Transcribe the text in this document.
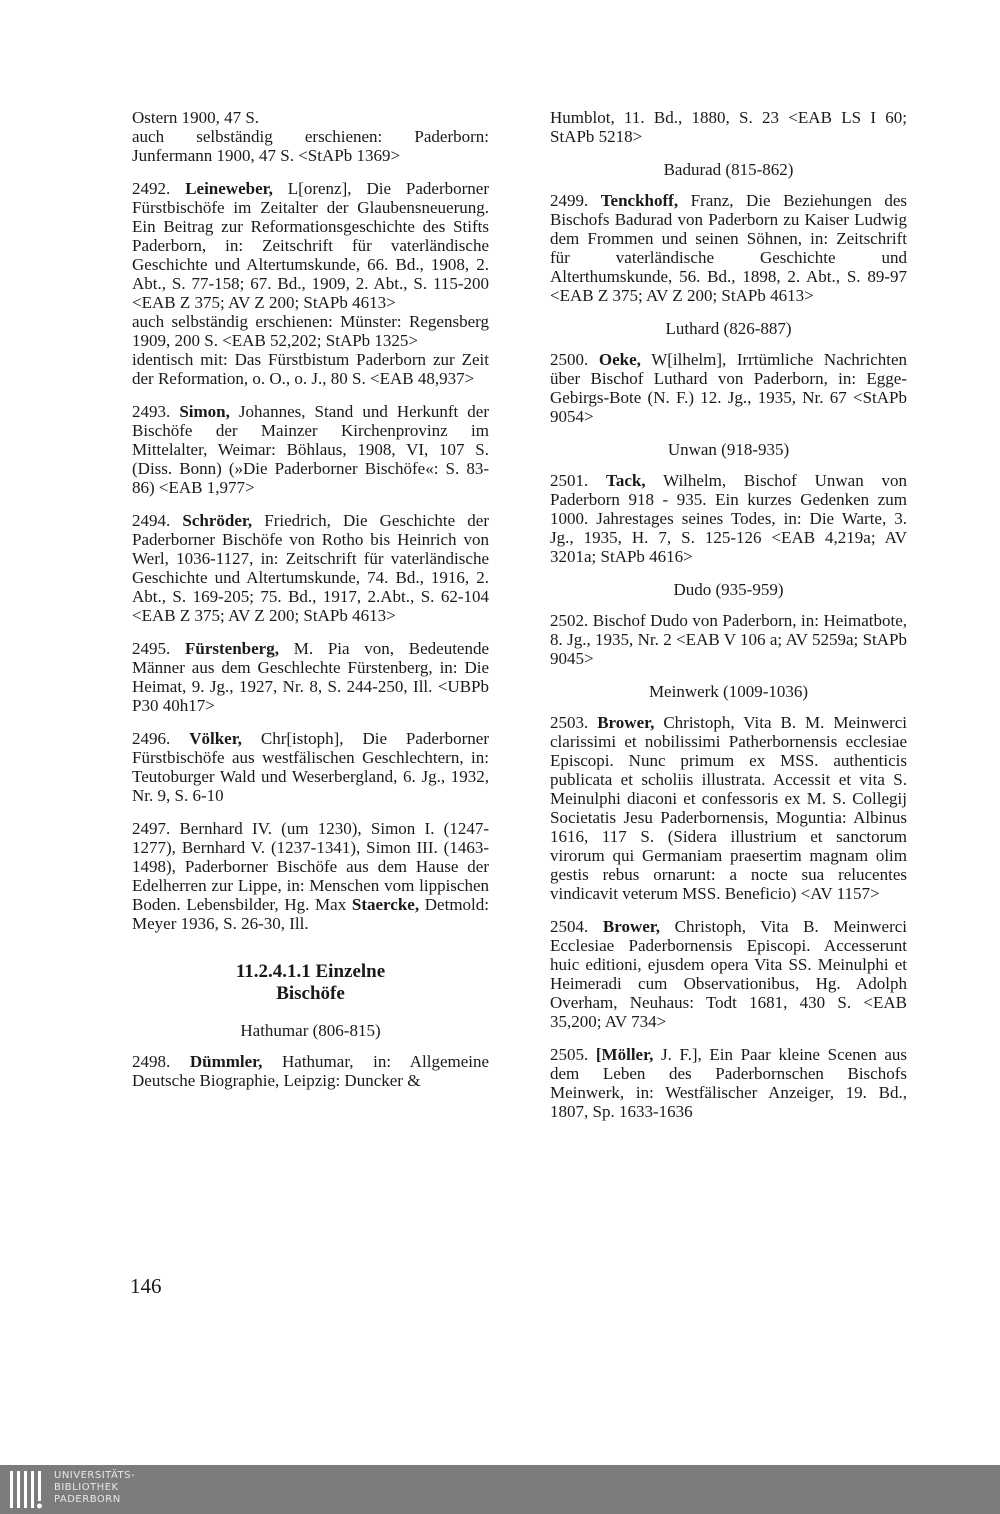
Ostern 1900, 47 S.
auch selbständig erschienen: Paderborn: Junfermann 1900, 47 S. <StAPb 1369>
2492. Leineweber, L[orenz], Die Paderborner Fürstbischöfe im Zeitalter der Glaubensneuerung. Ein Beitrag zur Reformationsgeschichte des Stifts Paderborn, in: Zeitschrift für vaterländische Geschichte und Altertumskunde, 66. Bd., 1908, 2. Abt., S. 77-158; 67. Bd., 1909, 2. Abt., S. 115-200 <EAB Z 375; AV Z 200; StAPb 4613>
auch selbständig erschienen: Münster: Regensberg 1909, 200 S. <EAB 52,202; StAPb 1325>
identisch mit: Das Fürstbistum Paderborn zur Zeit der Reformation, o. O., o. J., 80 S. <EAB 48,937>
2493. Simon, Johannes, Stand und Herkunft der Bischöfe der Mainzer Kirchenprovinz im Mittelalter, Weimar: Böhlaus, 1908, VI, 107 S. (Diss. Bonn) (»Die Paderborner Bischöfe«: S. 83-86) <EAB 1,977>
2494. Schröder, Friedrich, Die Geschichte der Paderborner Bischöfe von Rotho bis Heinrich von Werl, 1036-1127, in: Zeitschrift für vaterländische Geschichte und Altertumskunde, 74. Bd., 1916, 2. Abt., S. 169-205; 75. Bd., 1917, 2.Abt., S. 62-104 <EAB Z 375; AV Z 200; StAPb 4613>
2495. Fürstenberg, M. Pia von, Bedeutende Männer aus dem Geschlechte Fürstenberg, in: Die Heimat, 9. Jg., 1927, Nr. 8, S. 244-250, Ill. <UBPb P30 40h17>
2496. Völker, Chr[istoph], Die Paderborner Fürstbischöfe aus westfälischen Geschlechtern, in: Teutoburger Wald und Weserbergland, 6. Jg., 1932, Nr. 9, S. 6-10
2497. Bernhard IV. (um 1230), Simon I. (1247-1277), Bernhard V. (1237-1341), Simon III. (1463-1498), Paderborner Bischöfe aus dem Hause der Edelherren zur Lippe, in: Menschen vom lippischen Boden. Lebensbilder, Hg. Max Staercke, Detmold: Meyer 1936, S. 26-30, Ill.
11.2.4.1.1 Einzelne
Bischöfe
Hathumar (806-815)
2498. Dümmler, Hathumar, in: Allgemeine Deutsche Biographie, Leipzig: Duncker &
Humblot, 11. Bd., 1880, S. 23 <EAB LS I 60; StAPb 5218>
Badurad (815-862)
2499. Tenckhoff, Franz, Die Beziehungen des Bischofs Badurad von Paderborn zu Kaiser Ludwig dem Frommen und seinen Söhnen, in: Zeitschrift für vaterländische Geschichte und Alterthumskunde, 56. Bd., 1898, 2. Abt., S. 89-97 <EAB Z 375; AV Z 200; StAPb 4613>
Luthard (826-887)
2500. Oeke, W[ilhelm], Irrtümliche Nachrichten über Bischof Luthard von Paderborn, in: Egge-Gebirgs-Bote (N. F.) 12. Jg., 1935, Nr. 67 <StAPb 9054>
Unwan (918-935)
2501. Tack, Wilhelm, Bischof Unwan von Paderborn 918 - 935. Ein kurzes Gedenken zum 1000. Jahrestages seines Todes, in: Die Warte, 3. Jg., 1935, H. 7, S. 125-126 <EAB 4,219a; AV 3201a; StAPb 4616>
Dudo (935-959)
2502. Bischof Dudo von Paderborn, in: Heimatbote, 8. Jg., 1935, Nr. 2 <EAB V 106 a; AV 5259a; StAPb 9045>
Meinwerk (1009-1036)
2503. Brower, Christoph, Vita B. M. Meinwerci clarissimi et nobilissimi Patherbornensis ecclesiae Episcopi. Nunc primum ex MSS. authenticis publicata et scholiis illustrata. Accessit et vita S. Meinulphi diaconi et confessoris ex M. S. Collegij Societatis Jesu Paderbornensis, Moguntia: Albinus 1616, 117 S. (Sidera illustrium et sanctorum virorum qui Germaniam praesertim magnam olim gestis rebus ornarunt: a nocte sua relucentes vindicavit veterum MSS. Beneficio) <AV 1157>
2504. Brower, Christoph, Vita B. Meinwerci Ecclesiae Paderbornensis Episcopi. Accesserunt huic editioni, ejusdem opera Vita SS. Meinulphi et Heimeradi cum Observationibus, Hg. Adolph Overham, Neuhaus: Todt 1681, 430 S. <EAB 35,200; AV 734>
2505. [Möller, J. F.], Ein Paar kleine Scenen aus dem Leben des Paderbornschen Bischofs Meinwerk, in: Westfälischer Anzeiger, 19. Bd., 1807, Sp. 1633-1636
146
UNIVERSITÄTS-
BIBLIOTHEK
PADERBORN
